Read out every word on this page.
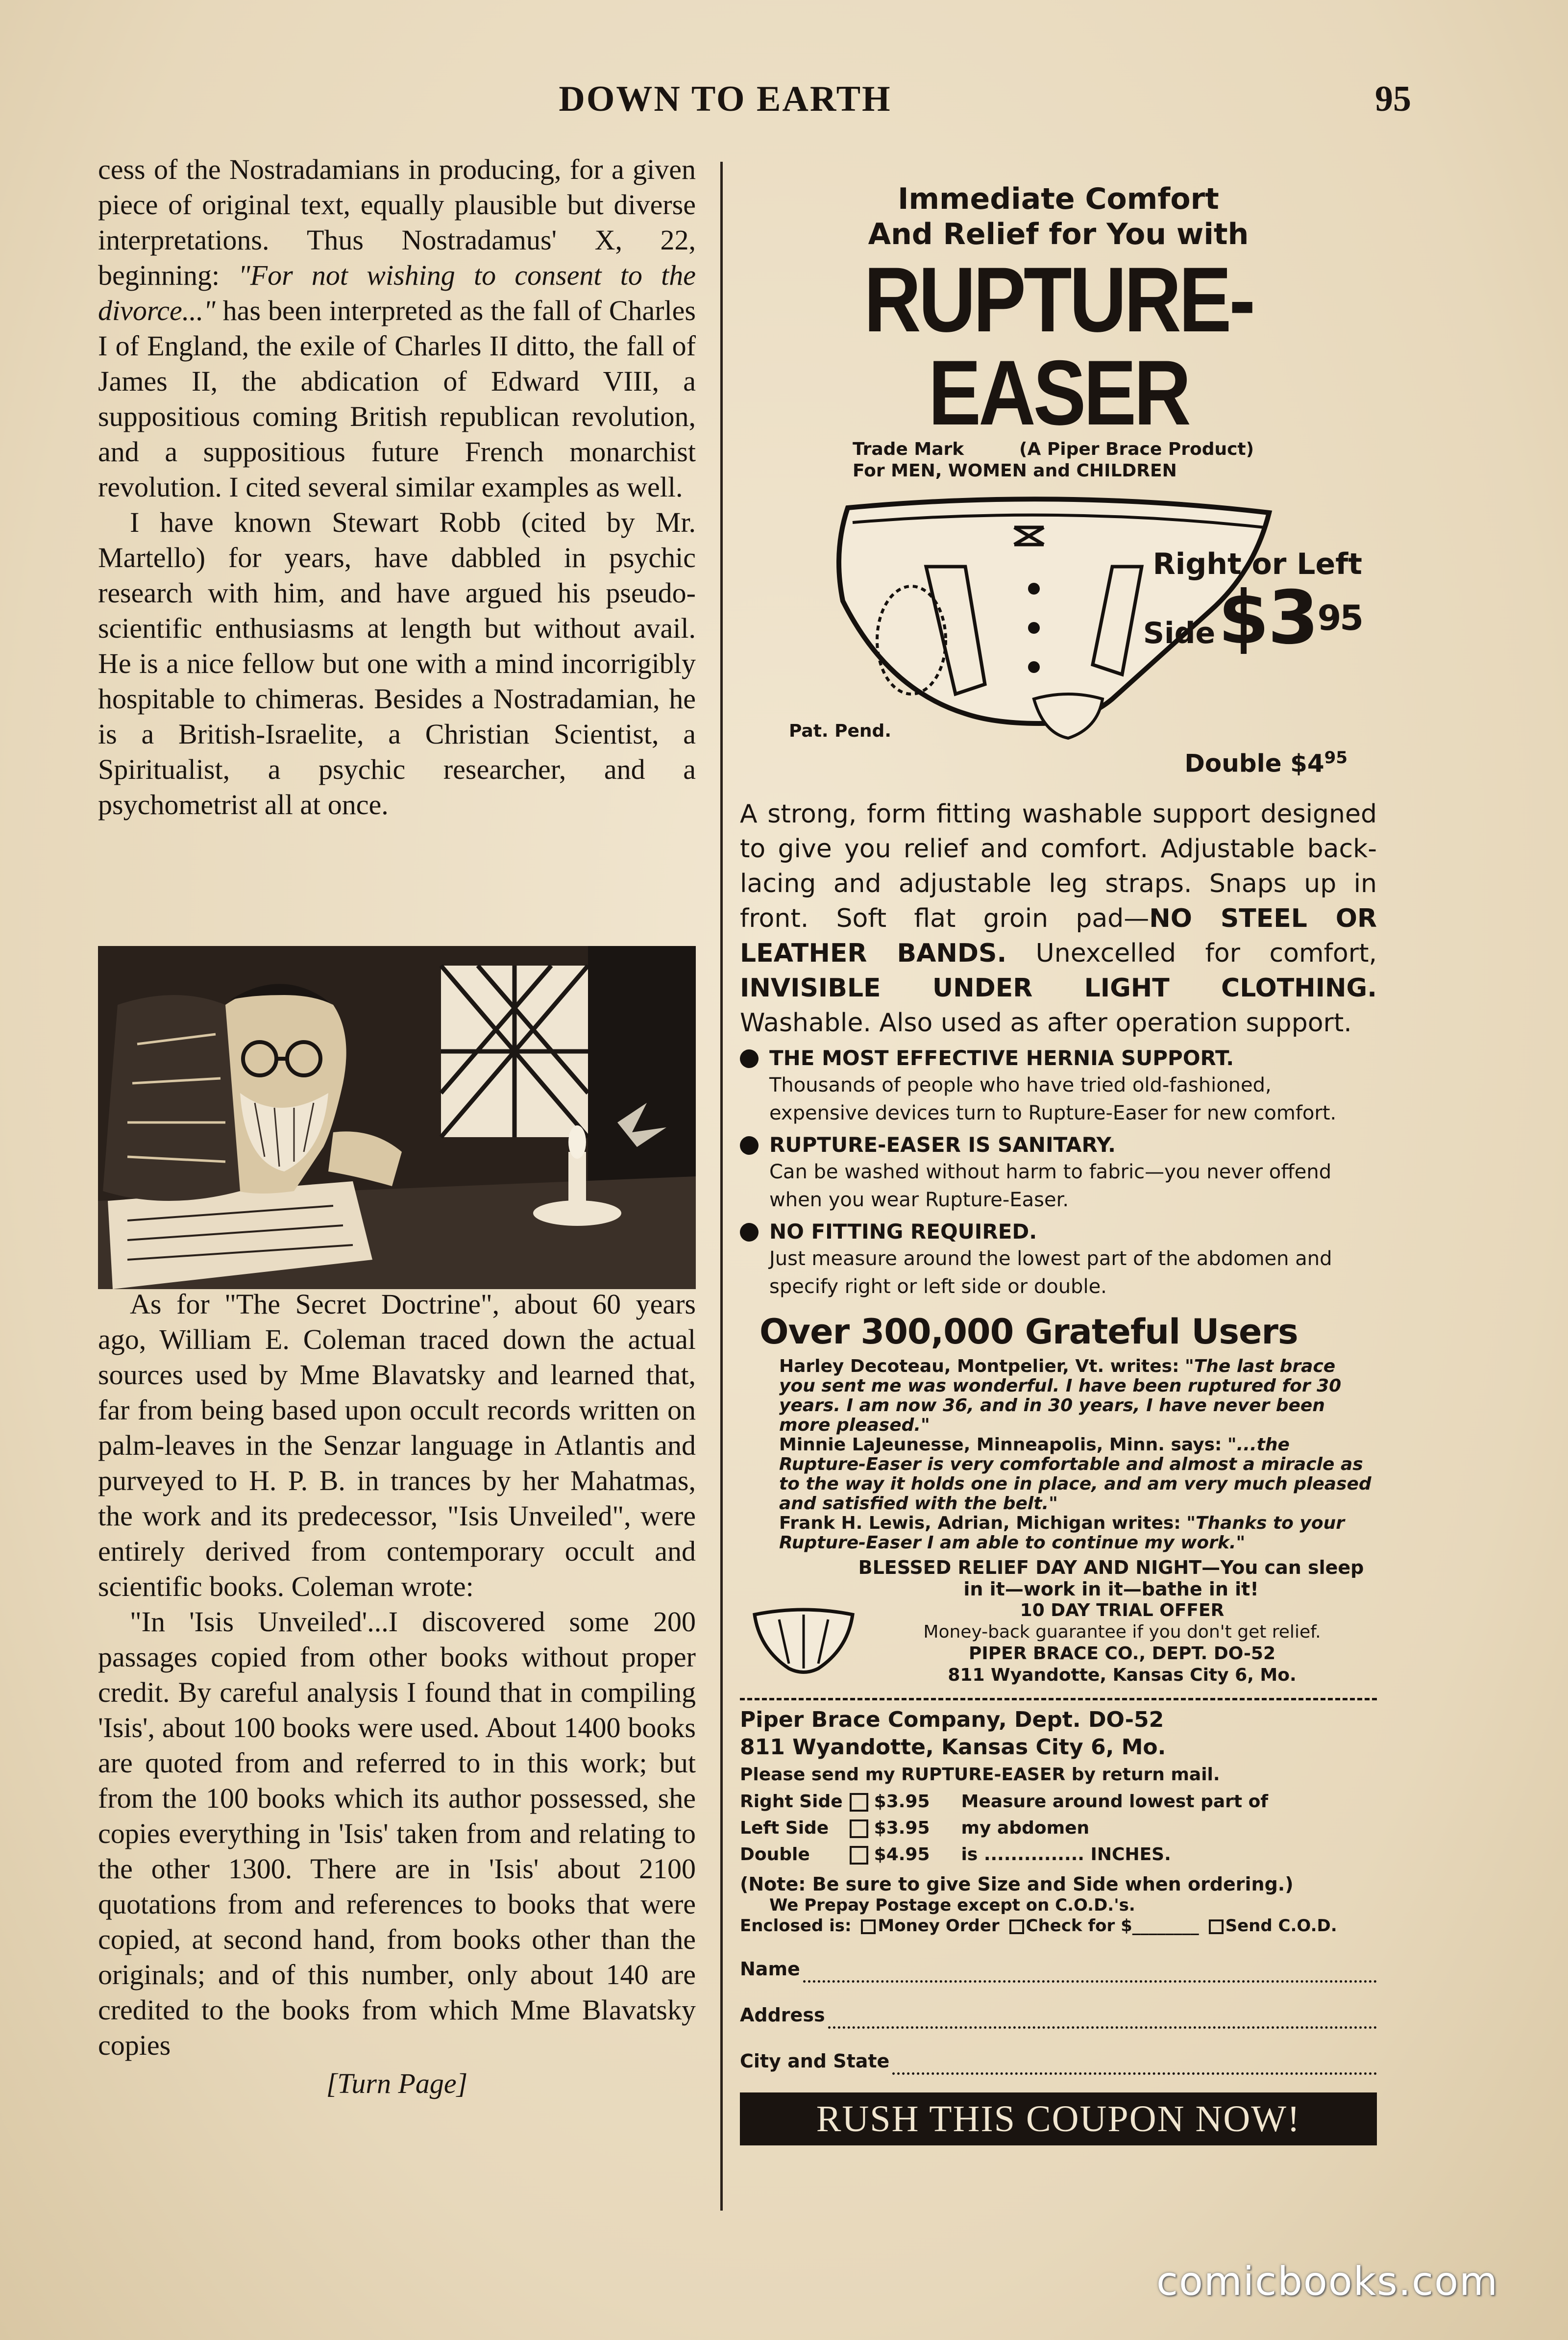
DOWN TO EARTH	95

cess of the Nostradamians in producing, for a given piece of original text, equally plausible but diverse interpretations. Thus Nostradamus' X, 22, beginning: "For not wishing to consent to the divorce..." has been interpreted as the fall of Charles I of England, the exile of Charles II ditto, the fall of James II, the abdication of Edward VIII, a suppositious coming British republican revolution, and a suppositious future French monarchist revolution. I cited several similar examples as well.

I have known Stewart Robb (cited by Mr. Martello) for years, have dabbled in psychic research with him, and have argued his pseudo-scientific enthusiasms at length but without avail. He is a nice fellow but one with a mind incorrigibly hospitable to chimeras. Besides a Nostradamian, he is a British-Israelite, a Christian Scientist, a Spiritualist, a psychic researcher, and a psychometrist all at once.

As for "The Secret Doctrine", about 60 years ago, William E. Coleman traced down the actual sources used by Mme Blavatsky and learned that, far from being based upon occult records written on palm-leaves in the Senzar language in Atlantis and purveyed to H. P. B. in trances by her Mahatmas, the work and its predecessor, "Isis Unveiled", were entirely derived from contemporary occult and scientific books. Coleman wrote:

"In 'Isis Unveiled'...I discovered some 200 passages copied from other books without proper credit. By careful analysis I found that in compiling 'Isis', about 100 books were used. About 1400 books are quoted from and referred to in this work; but from the 100 books which its author possessed, she copies everything in 'Isis' taken from and relating to the other 1300. There are in 'Isis' about 2100 quotations from and references to books that were copied, at second hand, from books other than the originals; and of this number, only about 140 are credited to the books from which Mme Blavatsky copies

[Turn Page]
Immediate Comfort
And Relief for You with
RUPTURE-EASER
Trade Mark	(A Piper Brace Product)
For MEN, WOMEN and CHILDREN
Pat. Pend.
Right or Left
Side $\$3^{95}$
Double $\$4^{95}$
A strong, form fitting washable support designed to give you relief and comfort. Adjustable back-lacing and adjustable leg straps. Snaps up in front. Soft flat groin pad—NO STEEL OR LEATHER BANDS. Unexcelled for comfort, INVISIBLE UNDER LIGHT CLOTHING. Washable. Also used as after operation support.
THE MOST EFFECTIVE HERNIA SUPPORT.
Thousands of people who have tried old-fashioned, expensive devices turn to Rupture-Easer for new comfort.
RUPTURE-EASER IS SANITARY.
Can be washed without harm to fabric—you never offend when you wear Rupture-Easer.
NO FITTING REQUIRED.
Just measure around the lowest part of the abdomen and specify right or left side or double.
Over 300,000 Grateful Users
Harley Decoteau, Montpelier, Vt. writes: "The last brace you sent me was wonderful. I have been ruptured for 30 years. I am now 36, and in 30 years, I have never been more pleased."
Minnie LaJeunesse, Minneapolis, Minn. says: "...the Rupture-Easer is very comfortable and almost a miracle as to the way it holds one in place, and am very much pleased and satisfied with the belt."
Frank H. Lewis, Adrian, Michigan writes: "Thanks to your Rupture-Easer I am able to continue my work."
BLESSED RELIEF DAY AND NIGHT—You can sleep in it—work in it—bathe in it!
10 DAY TRIAL OFFER
Money-back guarantee if you don't get relief.
PIPER BRACE CO., DEPT. DO-52
811 Wyandotte, Kansas City 6, Mo.
Piper Brace Company, Dept. DO-52
811 Wyandotte, Kansas City 6, Mo.
Please send my RUPTURE-EASER by return mail.
Right Side	$3.95	Measure around lowest part of
Left Side	$3.95	my abdomen
Double	$4.95	is ............... INCHES.
(Note: Be sure to give Size and Side when ordering.)
We Prepay Postage except on C.O.D.'s.
Enclosed is: Money Order Check for $________ Send C.O.D.
Name
Address
City and State
RUSH THIS COUPON NOW!
comicbooks.com
